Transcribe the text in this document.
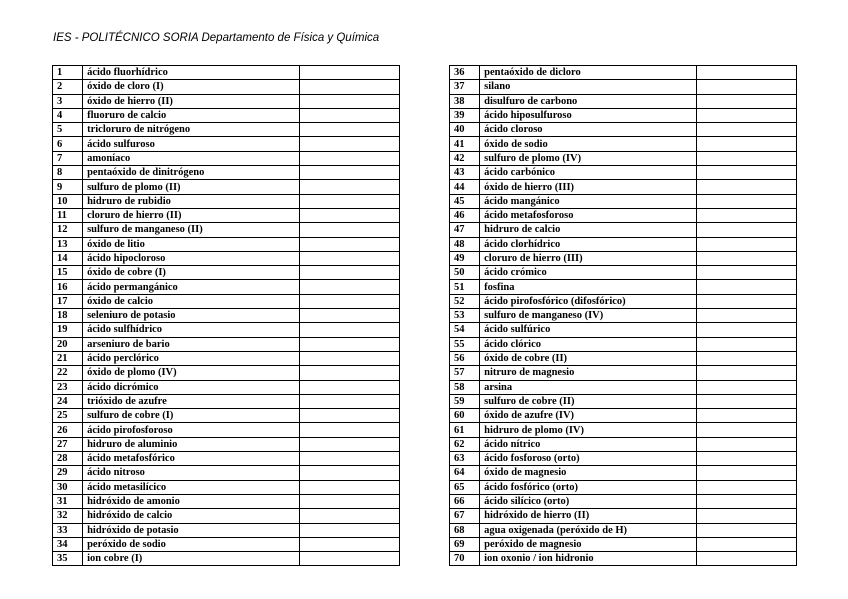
IES - POLITÉCNICO SORIA Departamento de Física y Química
1	ácido fluorhídrico			36	pentaóxido de dicloro	
2	óxido de cloro (I)			37	silano	
3	óxido de hierro (II)			38	disulfuro de carbono	
4	fluoruro de calcio			39	ácido hiposulfuroso	
5	tricloruro de nitrógeno			40	ácido cloroso	
6	ácido sulfuroso			41	óxido de sodio	
7	amoníaco			42	sulfuro de plomo (IV)	
8	pentaóxido de dinitrógeno			43	ácido carbónico	
9	sulfuro de plomo (II)			44	óxido de hierro (III)	
10	hidruro de rubidio			45	ácido mangánico	
11	cloruro de hierro (II)			46	ácido metafosforoso	
12	sulfuro de manganeso (II)			47	hidruro de calcio	
13	óxido de litio			48	ácido clorhídrico	
14	ácido hipocloroso			49	cloruro de hierro (III)	
15	óxido de cobre (I)			50	ácido crómico	
16	ácido permangánico			51	fosfina	
17	óxido de calcio			52	ácido pirofosfórico (difosfórico)	
18	seleniuro de potasio			53	sulfuro de manganeso (IV)	
19	ácido sulfhídrico			54	ácido sulfúrico	
20	arseniuro de bario			55	ácido clórico	
21	ácido perclórico			56	óxido de cobre (II)	
22	óxido de plomo (IV)			57	nitruro de magnesio	
23	ácido dicrómico			58	arsina	
24	trióxido de azufre			59	sulfuro de cobre (II)	
25	sulfuro de cobre (I)			60	óxido de azufre (IV)	
26	ácido pirofosforoso			61	hidruro de plomo (IV)	
27	hidruro de aluminio			62	ácido nítrico	
28	ácido metafosfórico			63	ácido fosforoso (orto)	
29	ácido nitroso			64	óxido de magnesio	
30	ácido metasilícico			65	ácido fosfórico (orto)	
31	hidróxido de amonio			66	ácido silícico (orto)	
32	hidróxido de calcio			67	hidróxido de hierro (II)	
33	hidróxido de potasio			68	agua oxigenada (peróxido de H)	
34	peróxido de sodio			69	peróxido de magnesio	
35	ion cobre (I)			70	ion oxonio / ion hidronio	
